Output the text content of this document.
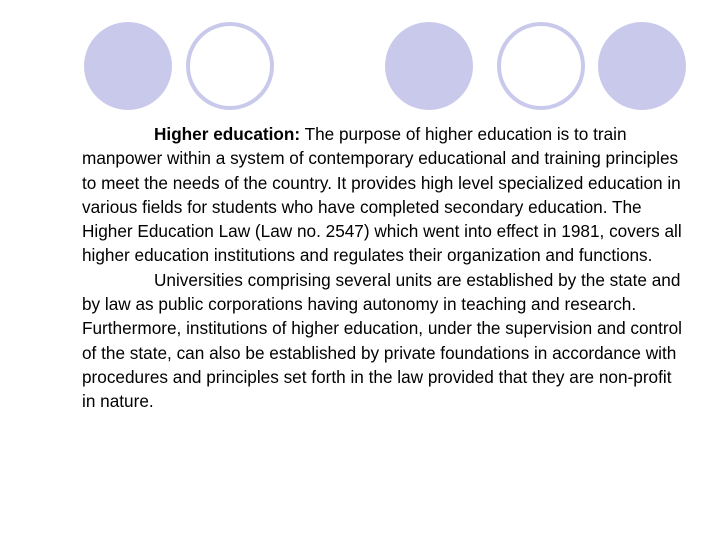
Higher education: The purpose of higher education is to train manpower within a system of contemporary educational and training principles to meet the needs of the country. It provides high level specialized education in various fields for students who have completed secondary education. The Higher Education Law (Law no. 2547) which went into effect in 1981, covers all higher education institutions and regulates their organization and functions.

Universities comprising several units are established by the state and by law as public corporations having autonomy in teaching and research. Furthermore, institutions of higher education, under the supervision and control of the state, can also be established by private foundations in accordance with procedures and principles set forth in the law provided that they are non-profit in nature.
